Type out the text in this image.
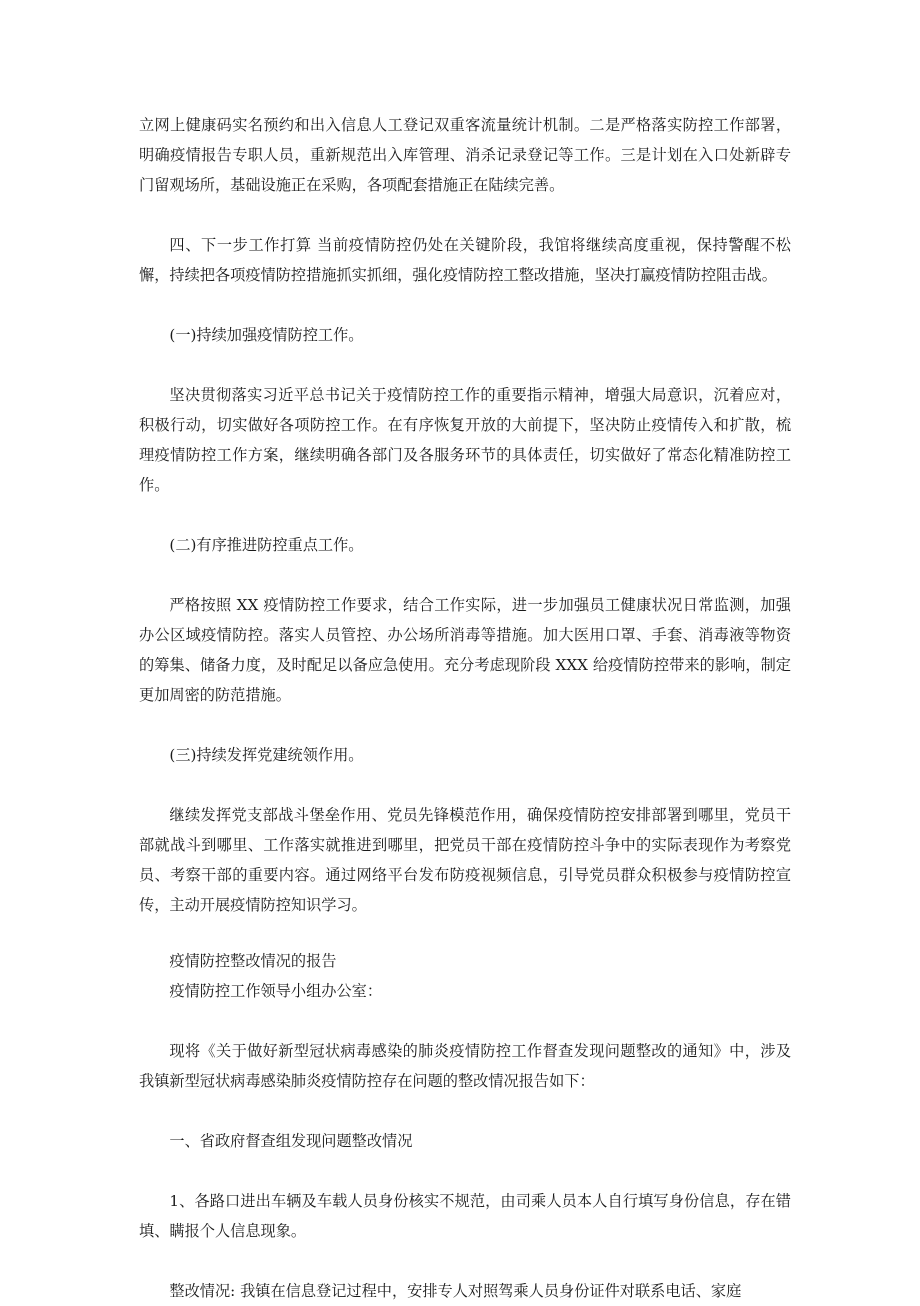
立网上健康码实名预约和出入信息人工登记双重客流量统计机制。二是严格落实防控工作部署，明确疫情报告专职人员，重新规范出入库管理、消杀记录登记等工作。三是计划在入口处新辟专门留观场所，基础设施正在采购，各项配套措施正在陆续完善。

四、下一步工作打算 当前疫情防控仍处在关键阶段，我馆将继续高度重视，保持警醒不松懈，持续把各项疫情防控措施抓实抓细，强化疫情防控工整改措施，坚决打赢疫情防控阻击战。

(一)持续加强疫情防控工作。

坚决贯彻落实习近平总书记关于疫情防控工作的重要指示精神，增强大局意识，沉着应对，积极行动，切实做好各项防控工作。在有序恢复开放的大前提下，坚决防止疫情传入和扩散，梳理疫情防控工作方案，继续明确各部门及各服务环节的具体责任，切实做好了常态化精准防控工作。

(二)有序推进防控重点工作。

严格按照 XX 疫情防控工作要求，结合工作实际，进一步加强员工健康状况日常监测，加强办公区域疫情防控。落实人员管控、办公场所消毒等措施。加大医用口罩、手套、消毒液等物资的筹集、储备力度，及时配足以备应急使用。充分考虑现阶段 XXX 给疫情防控带来的影响，制定更加周密的防范措施。

(三)持续发挥党建统领作用。

继续发挥党支部战斗堡垒作用、党员先锋模范作用，确保疫情防控安排部署到哪里，党员干部就战斗到哪里、工作落实就推进到哪里，把党员干部在疫情防控斗争中的实际表现作为考察党员、考察干部的重要内容。通过网络平台发布防疫视频信息，引导党员群众积极参与疫情防控宣传，主动开展疫情防控知识学习。

疫情防控整改情况的报告

疫情防控工作领导小组办公室：

现将《关于做好新型冠状病毒感染的肺炎疫情防控工作督查发现问题整改的通知》中，涉及我镇新型冠状病毒感染肺炎疫情防控存在问题的整改情况报告如下：

一、省政府督查组发现问题整改情况

1、各路口进出车辆及车载人员身份核实不规范，由司乘人员本人自行填写身份信息，存在错填、瞒报个人信息现象。

整改情况: 我镇在信息登记过程中，安排专人对照驾乘人员身份证件对联系电话、家庭
